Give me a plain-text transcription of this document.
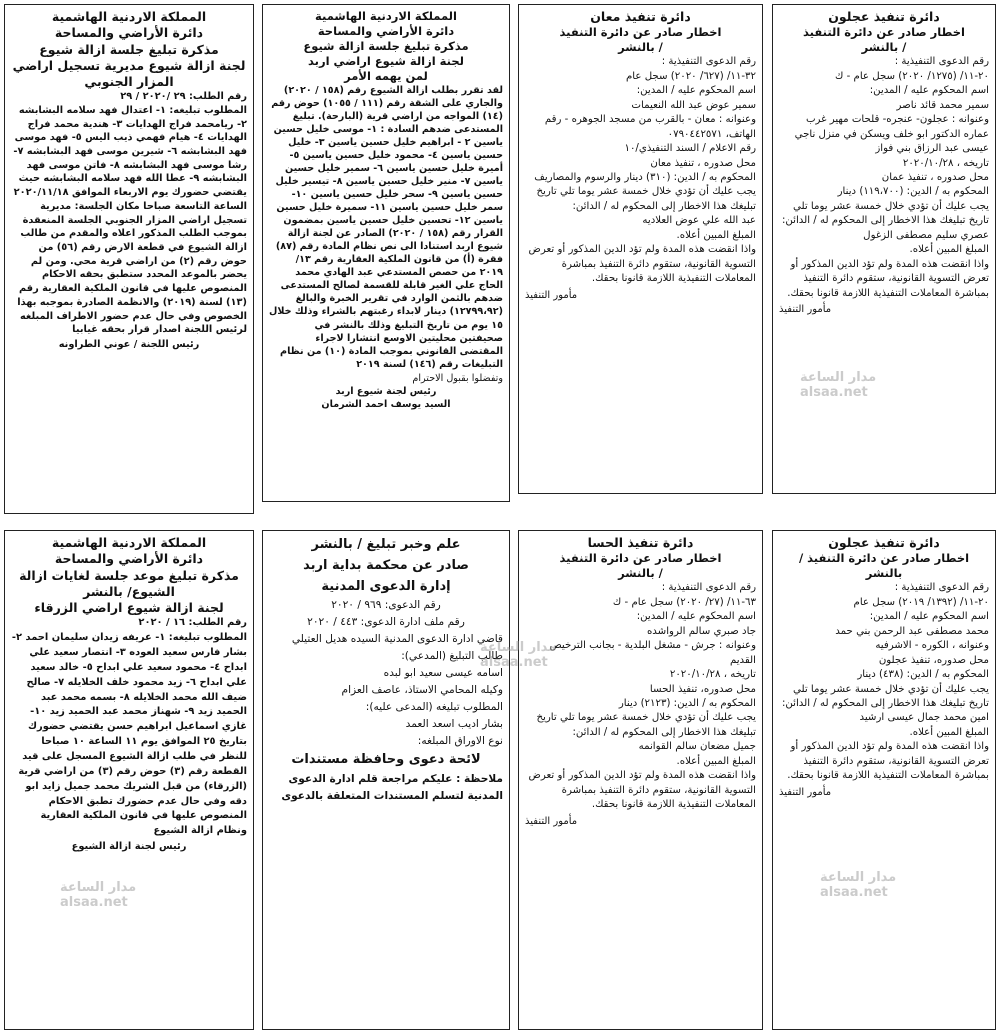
دائرة تنفيذ عجلون
اخطار صادر عن دائرة التنفيذ
/ بالنشر

رقم الدعوى التنفيذية :

٢٠-١١/ (١٢٧٥/ ٢٠٢٠) سجل عام - ك

اسم المحكوم عليه / المدين:

سمير محمد قائد ناصر

وعنوانه : عجلون- عنجره- قلحات مهير غرب عماره الدكتور ابو خلف ويسكن في منزل ناجي عيسى عبد الرزاق بني فواز

تاريخه ، ٢٠٢٠/١٠/٢٨

محل صدوره ، تنفيذ عمان

المحكوم به / الدين: (١١٩،٧٠٠) دينار

يجب عليك أن تؤدي خلال خمسة عشر يوما تلي تاريخ تبليغك هذا الاخطار إلى المحكوم له / الدائن:

عصري سليم مصطفى الزغول

المبلغ المبين أعلاه.

واذا انقضت هذه المدة ولم تؤد الدين المذكور أو تعرض التسوية القانونية، ستقوم دائرة التنفيذ بمباشرة المعاملات التنفيذية اللازمة قانونا بحقك.

مأمور التنفيذ
دائرة تنفيذ معان
اخطار صادر عن دائرة التنفيذ
/ بالنشر

رقم الدعوى التنفيذية :

٣٢-١١/ (٦٢٧/ ٢٠٢٠) سجل عام

اسم المحكوم عليه / المدين:

سمير عوض عبد الله النعيمات

وعنوانه : معان - بالقرب من مسجد الجوهره - رقم الهاتف، ٠٧٩٠٤٤٢٥٧١

رقم الاعلام / السند التنفيذي/١٠

محل صدوره ، تنفيذ معان

المحكوم به / الدين: (٣١٠) دينار والرسوم والمصاريف

يجب عليك أن تؤدي خلال خمسة عشر يوما تلي تاريخ تبليغك هذا الاخطار إلى المحكوم له / الدائن:

عبد الله علي عوض العلاديه

المبلغ المبين أعلاه.

واذا انقضت هذه المدة ولم تؤد الدين المذكور أو تعرض التسوية القانونية، ستقوم دائرة التنفيذ بمباشرة المعاملات التنفيذية اللازمة قانونا بحقك.

مأمور التنفيذ
المملكة الاردنية الهاشمية
دائرة الأراضي والمساحة
مذكرة تبليغ جلسة ازالة شيوع
لجنة ازالة شيوع اراضي اربد
لمن يهمه الأمر

لقد تقرر بطلب ازالة الشيوع رقم (١٥٨ / ٢٠٢٠) والجاري على الشقة رقم (١١١ / ١٠٥٥) حوض رقم (١٤) المواجه من اراضي قرية (البارحة). تبليغ المستدعى ضدهم السادة : ١- موسى خليل حسين ياسين ٢ - ابراهيم خليل حسين ياسين ٣- خليل حسين ياسين ٤- محمود خليل حسين ياسين ٥- أميرة خليل حسين ياسين ٦- سمير خليل حسين ياسين ٧- منير خليل حسين ياسين ٨- تيسير خليل حسين ياسين ٩- سحر خليل حسين ياسين ١٠- سمر خليل حسين ياسين ١١- سميرة خليل حسين ياسين ١٢- تحسين خليل حسين ياسين بمضمون القرار رقم (١٥٨ / ٢٠٢٠) الصادر عن لجنة ازالة شيوع اربد استنادا الى نص نظام المادة رقم (٨٧) فقرة (أ) من قانون الملكية العقارية رقم ١٣/ ٢٠١٩ من حصص المستدعي عبد الهادي محمد الحاج علي الغير قابلة للقسمة لصالح المستدعى ضدهم بالثمن الوارد في تقرير الخبرة والبالغ (١٢٧٩٩،٩٢) دينار لابداء رغبتهم بالشراء وذلك خلال ١٥ يوم من تاريخ التبليغ وذلك بالنشر في صحيفتين محليتين الاوسع انتشارا لاجراء المقتضى القانوني بموجب المادة (١٠) من نظام التبليغات رقم (١٤٦) لسنة ٢٠١٩

وتفضلوا بقبول الاحترام

رئيس لجنة شيوع اربد
السيد يوسف احمد الشرمان
المملكة الاردنية الهاشمية
دائرة الأراضي والمساحة
مذكرة تبليغ جلسة ازالة شيوع
لجنة ازالة شيوع مديرية تسجيل اراضي المزار الجنوبي

رقم الطلب: ٢٩ /٢٠٢٠ / ٢٩

المطلوب تبليغه: ١- اعتدال فهد سلامه البشابشه ٢- ريامحمد فراج الهدايات ٣- هندية محمد فراج الهدايات ٤- هيام فهمي ذيب اليس ٥- فهد موسى فهد البشابشه ٦- شيرين موسى فهد البشابشه ٧- رشا موسى فهد البشابشه ٨- فاتن موسى فهد البشابشه ٩- عطا الله فهد سلامه البشابشه حيث يقتضي حضورك يوم الاربعاء الموافق ٢٠٢٠/١١/١٨ الساعة التاسعة صباحا مكان الجلسة: مديرية تسجيل اراضي المزار الجنوبي الجلسة المنعقدة بموجب الطلب المذكور اعلاه والمقدم من طالب ازالة الشيوع في قطعة الارض رقم (٥٦) من حوض رقم (٢) من اراضي قرية محي. ومن لم يحضر بالموعد المحدد ستطبق بحقه الاحكام المنصوص عليها في قانون الملكية العقارية رقم (١٣) لسنة (٢٠١٩) والانظمة الصادرة بموجبه بهذا الخصوص وفي حال عدم حضور الاطراف المبلغه لرئيس اللجنة اصدار قرار بحقه غيابيا

رئيس اللجنة / عوني الطراونه
دائرة تنفيذ عجلون
اخطار صادر عن دائرة التنفيذ / بالنشر

رقم الدعوى التنفيذية :

٢٠-١١/ (١٣٩٢/ ٢٠١٩) سجل عام

اسم المحكوم عليه / المدين:

محمد مصطفى عبد الرحمن بني حمد

وعنوانه ، الكوره - الاشرفيه

محل صدوره، تنفيذ عجلون

المحكوم به / الدين: (٤٣٨) دينار

يجب عليك أن تؤدي خلال خمسة عشر يوما تلي تاريخ تبليغك هذا الاخطار إلى المحكوم له / الدائن:

امين محمد جمال عيسى ارشيد

المبلغ المبين أعلاه.

واذا انقضت هذه المدة ولم تؤد الدين المذكور أو تعرض التسوية القانونية، ستقوم دائرة التنفيذ بمباشرة المعاملات التنفيذية اللازمة قانونا بحقك.

مأمور التنفيذ
دائرة تنفيذ الحسا
اخطار صادر عن دائرة التنفيذ
/ بالنشر

رقم الدعوى التنفيذية :

٦٣-١١/ (٢٧/ ٢٠٢٠) سجل عام - ك

اسم المحكوم عليه / المدين:

جاد صبري سالم الرواشده

وعنوانه : جرش - مشغل البلدية - بجانب الترخيص القديم

تاريخه ، ٢٠٢٠/١٠/٢٨

محل صدوره، تنفيذ الحسا

المحكوم به / الدين: (٢١٢٣) دينار

يجب عليك أن تؤدي خلال خمسة عشر يوما تلي تاريخ تبليغك هذا الاخطار إلى المحكوم له / الدائن:

جميل مضعان سالم القوانمه

المبلغ المبين أعلاه.

واذا انقضت هذه المدة ولم تؤد الدين المذكور أو تعرض التسوية القانونية، ستقوم دائرة التنفيذ بمباشرة المعاملات التنفيذية اللازمة قانونا بحقك.

مأمور التنفيذ
علم وخبر تبليغ / بالنشر
صادر عن محكمة بداية اربد
إدارة الدعوى المدنية

رقم الدعوى: ٩٦٩ / ٢٠٢٠

رقم ملف ادارة الدعوى: ٤٤٣ / ٢٠٢٠

قاضي ادارة الدعوى المدنية السيده هديل العتيلي

طالب التبليغ (المدعي):

اسامه عيسى سعيد ابو لبده

وكيله المحامي الاستاذ، عاصف العزام

المطلوب تبليغه (المدعى عليه):

بشار اديب اسعد العمد

نوع الاوراق المبلغه:

لائحة دعوى وحافظة مستندات

ملاحظة : عليكم مراجعة قلم ادارة الدعوى المدنية لتسلم المستندات المتعلقة بالدعوى

المملكة الاردنية الهاشمية
دائرة الأراضي والمساحة
مذكرة تبليغ موعد جلسة لغايات ازالة الشيوع/ بالنشر
لجنة ازالة شيوع اراضي الزرقاء

رقم الطلب: ١٦ / ٢٠٢٠

المطلوب تبليغه: ١- عريفه زيدان سليمان احمد ٢- بشار فارس سعيد العوده ٣- انتصار سعيد علي ابداح ٤- محمود سعيد علي ابداح ٥- خالد سعيد علي ابداح ٦- زيد محمود خلف الخلايله ٧- صالح ضيف الله محمد الخلايله ٨- بسمه محمد عبد الحميد زيد ٩- شهناز محمد عبد الحميد زيد ١٠- غازي اسماعيل ابراهيم حسن يقتضي حضورك بتاريخ ٢٥ الموافق يوم ١١ الساعة ١٠ صباحا للنظر في طلب ازالة الشيوع المسجل على قيد القطعة رقم (٣) حوض رقم (٣) من اراضي قرية (الزرقاء) من قبل الشريك محمد جميل زايد ابو دقه وفي حال عدم حضورك تطبق الاحكام المنصوص عليها في قانون الملكية العقارية ونظام ازالة الشيوع

رئيس لجنة ازالة الشيوع
مدار الساعة
alsaa.net
مدار الساعة
alsaa.net
مدار الساعة
alsaa.net
مدار الساعة
alsaa.net
